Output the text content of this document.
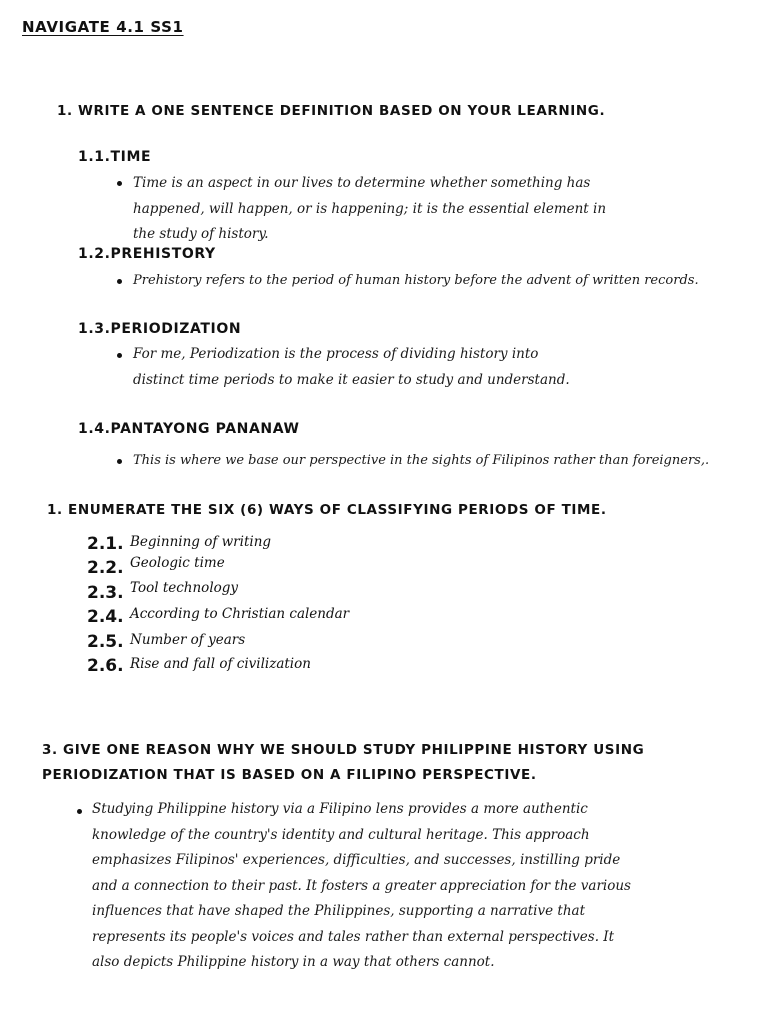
NAVIGATE 4.1 SS1
1. WRITE A ONE SENTENCE DEFINITION BASED ON YOUR LEARNING.
1.1.TIME
Time is an aspect in our lives to determine whether something has happened, will happen, or is happening; it is the essential element in the study of history.
1.2.PREHISTORY
Prehistory refers to the period of human history before the advent of written records.
1.3.PERIODIZATION
For me, Periodization is the process of dividing history into distinct time periods to make it easier to study and understand.
1.4.PANTAYONG PANANAW
This is where we base our perspective in the sights of Filipinos rather than foreigners,.
1. ENUMERATE THE SIX (6) WAYS OF CLASSIFYING PERIODS OF TIME.
2.1. Beginning of writing
2.2. Geologic time
2.3. Tool technology
2.4. According to Christian calendar
2.5. Number of years
2.6. Rise and fall of civilization
3. GIVE ONE REASON WHY WE SHOULD STUDY PHILIPPINE HISTORY USING
PERIODIZATION THAT IS BASED ON A FILIPINO PERSPECTIVE.
Studying Philippine history via a Filipino lens provides a more authentic knowledge of the country's identity and cultural heritage. This approach emphasizes Filipinos' experiences, difficulties, and successes, instilling pride and a connection to their past. It fosters a greater appreciation for the various influences that have shaped the Philippines, supporting a narrative that represents its people's voices and tales rather than external perspectives. It also depicts Philippine history in a way that others cannot.
